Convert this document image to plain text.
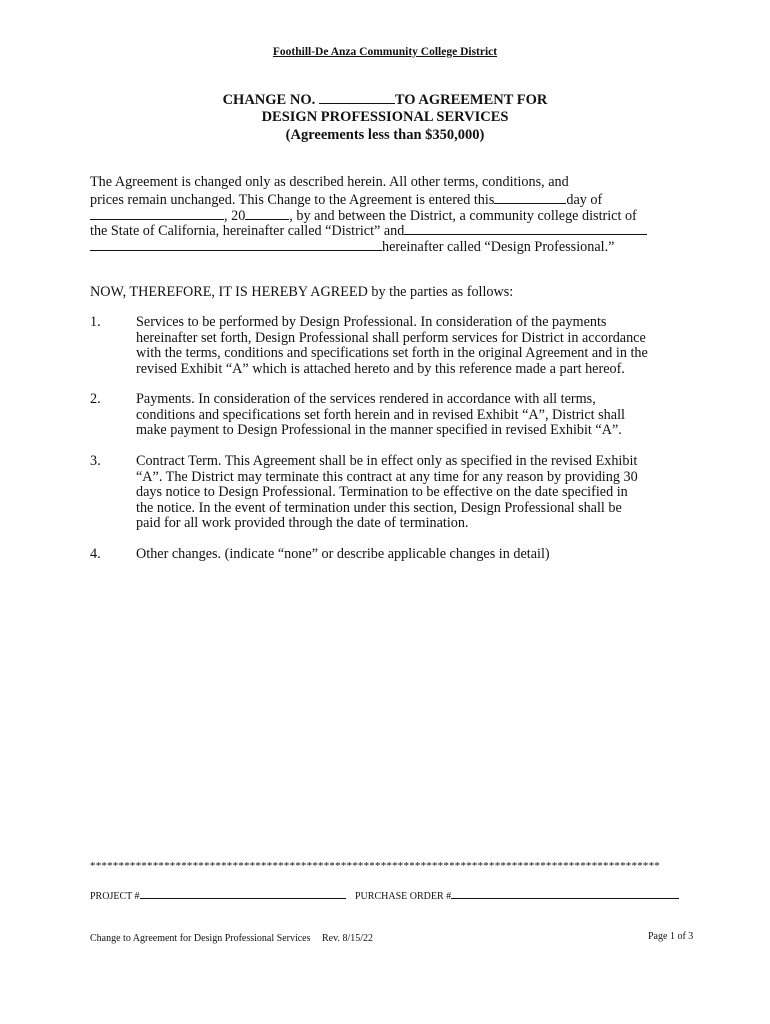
Foothill-De Anza Community College District
CHANGE NO.	TO AGREEMENT FOR
DESIGN PROFESSIONAL SERVICES
(Agreements less than $350,000)
The Agreement is changed only as described herein. All other terms, conditions, and
prices remain unchanged. This Change to the Agreement is entered this	day of
, 20	, by and between the District, a community college district of
the State of California, hereinafter called “District” and
hereinafter called “Design Professional.”
NOW, THEREFORE, IT IS HEREBY AGREED by the parties as follows:
1. Services to be performed by Design Professional. In consideration of the payments
hereinafter set forth, Design Professional shall perform services for District in accordance
with the terms, conditions and specifications set forth in the original Agreement and in the
revised Exhibit “A” which is attached hereto and by this reference made a part hereof.
2. Payments. In consideration of the services rendered in accordance with all terms,
conditions and specifications set forth herein and in revised Exhibit “A”, District shall
make payment to Design Professional in the manner specified in revised Exhibit “A”.
3. Contract Term. This Agreement shall be in effect only as specified in the revised Exhibit
“A”. The District may terminate this contract at any time for any reason by providing 30
days notice to Design Professional. Termination to be effective on the date specified in
the notice. In the event of termination under this section, Design Professional shall be
paid for all work provided through the date of termination.
4. Other changes. (indicate “none” or describe applicable changes in detail)
****************************************************************************************************
PROJECT #	PURCHASE ORDER #
Change to Agreement for Design Professional Services Rev. 8/15/22	Page 1 of 3
